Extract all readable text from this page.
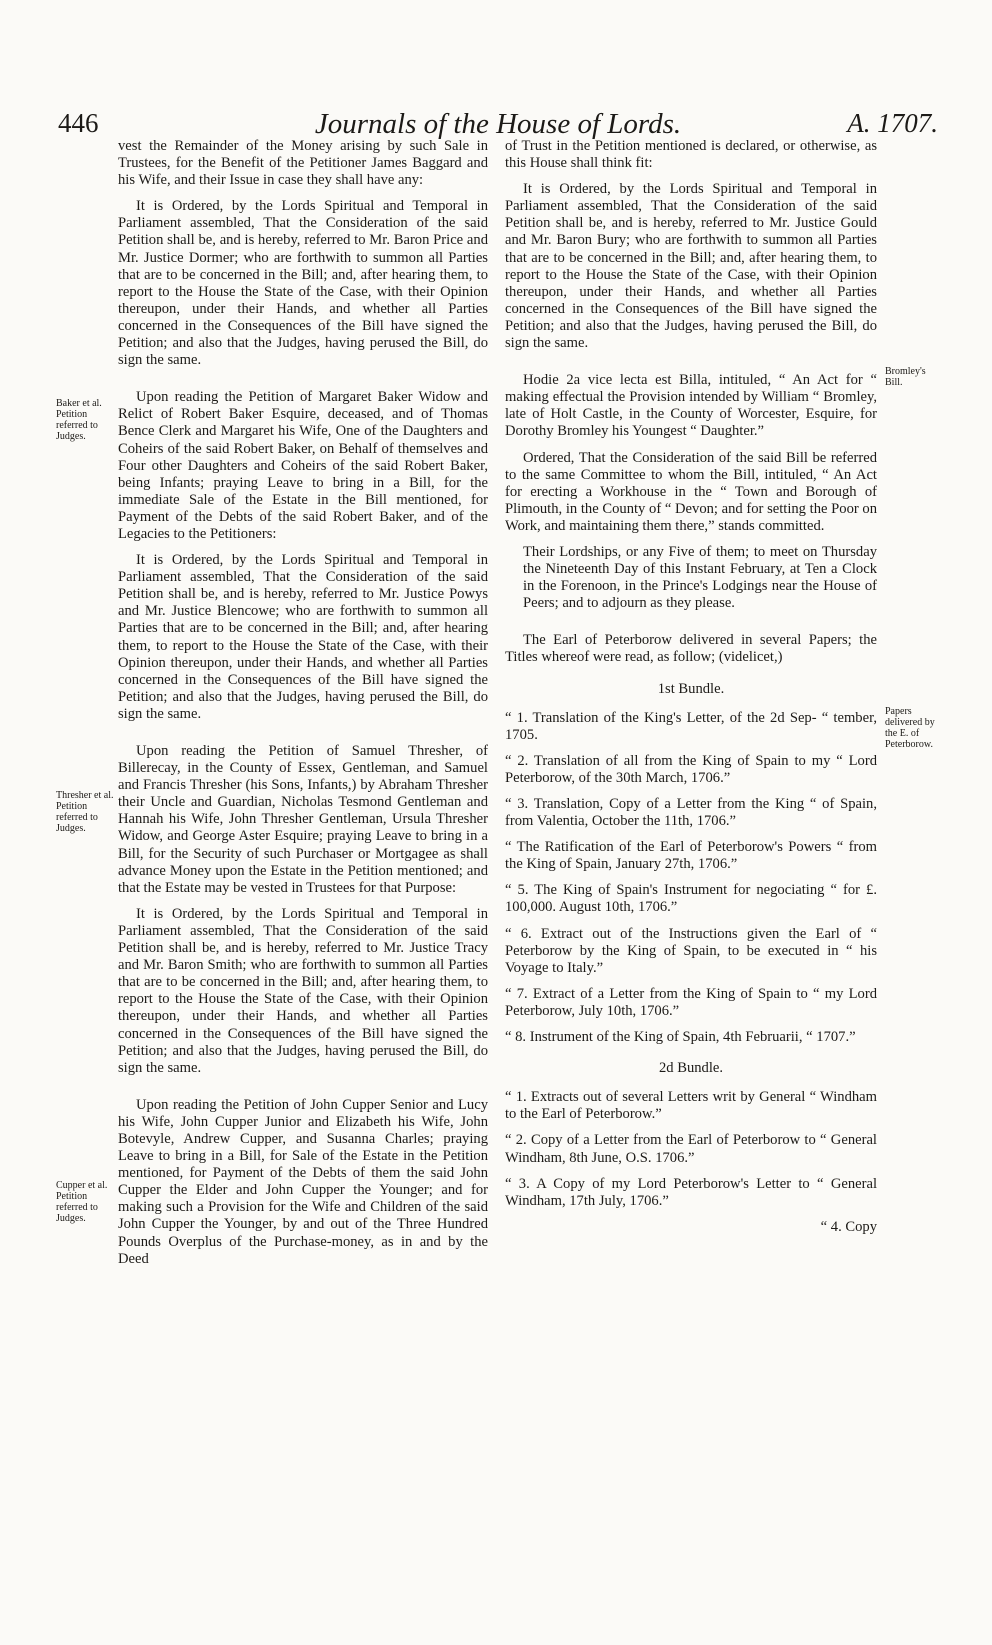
446	Journals of the House of Lords.	A. 1707.

vest the Remainder of the Money arising by such Sale in Trustees, for the Benefit of the Petitioner James Baggard and his Wife, and their Issue in case they shall have any:

It is Ordered, by the Lords Spiritual and Temporal in Parliament assembled, That the Consideration of the said Petition shall be, and is hereby, referred to Mr. Baron Price and Mr. Justice Dormer; who are forthwith to summon all Parties that are to be concerned in the Bill; and, after hearing them, to report to the House the State of the Case, with their Opinion thereupon, under their Hands, and whether all Parties concerned in the Consequences of the Bill have signed the Petition; and also that the Judges, having perused the Bill, do sign the same.

Upon reading the Petition of Margaret Baker Widow and Relict of Robert Baker Esquire, deceased, and of Thomas Bence Clerk and Margaret his Wife, One of the Daughters and Coheirs of the said Robert Baker, on Behalf of themselves and Four other Daughters and Coheirs of the said Robert Baker, being Infants; praying Leave to bring in a Bill, for the immediate Sale of the Estate in the Bill mentioned, for Payment of the Debts of the said Robert Baker, and of the Legacies to the Petitioners:

It is Ordered, by the Lords Spiritual and Temporal in Parliament assembled, That the Consideration of the said Petition shall be, and is hereby, referred to Mr. Justice Powys and Mr. Justice Blencowe; who are forthwith to summon all Parties that are to be concerned in the Bill; and, after hearing them, to report to the House the State of the Case, with their Opinion thereupon, under their Hands, and whether all Parties concerned in the Consequences of the Bill have signed the Petition; and also that the Judges, having perused the Bill, do sign the same.

Upon reading the Petition of Samuel Thresher, of Billerecay, in the County of Essex, Gentleman, and Samuel and Francis Thresher (his Sons, Infants,) by Abraham Thresher their Uncle and Guardian, Nicholas Tesmond Gentleman and Hannah his Wife, John Thresher Gentleman, Ursula Thresher Widow, and George Aster Esquire; praying Leave to bring in a Bill, for the Security of such Purchaser or Mortgagee as shall advance Money upon the Estate in the Petition mentioned; and that the Estate may be vested in Trustees for that Purpose:

It is Ordered, by the Lords Spiritual and Temporal in Parliament assembled, That the Consideration of the said Petition shall be, and is hereby, referred to Mr. Justice Tracy and Mr. Baron Smith; who are forthwith to summon all Parties that are to be concerned in the Bill; and, after hearing them, to report to the House the State of the Case, with their Opinion thereupon, under their Hands, and whether all Parties concerned in the Consequences of the Bill have signed the Petition; and also that the Judges, having perused the Bill, do sign the same.

Upon reading the Petition of John Cupper Senior and Lucy his Wife, John Cupper Junior and Elizabeth his Wife, John Botevyle, Andrew Cupper, and Susanna Charles; praying Leave to bring in a Bill, for Sale of the Estate in the Petition mentioned, for Payment of the Debts of them the said John Cupper the Elder and John Cupper the Younger; and for making such a Provision for the Wife and Children of the said John Cupper the Younger, by and out of the Three Hundred Pounds Overplus of the Purchase-money, as in and by the Deed

of Trust in the Petition mentioned is declared, or otherwise, as this House shall think fit:

It is Ordered, by the Lords Spiritual and Temporal in Parliament assembled, That the Consideration of the said Petition shall be, and is hereby, referred to Mr. Justice Gould and Mr. Baron Bury; who are forthwith to summon all Parties that are to be concerned in the Bill; and, after hearing them, to report to the House the State of the Case, with their Opinion thereupon, under their Hands, and whether all Parties concerned in the Consequences of the Bill have signed the Petition; and also that the Judges, having perused the Bill, do sign the same.

Hodie 2a vice lecta est Billa, intituled, “ An Act for “ making effectual the Provision intended by William “ Bromley, late of Holt Castle, in the County of Worcester, Esquire, for Dorothy Bromley his Youngest “ Daughter.”

Ordered, That the Consideration of the said Bill be referred to the same Committee to whom the Bill, intituled, “ An Act for erecting a Workhouse in the “ Town and Borough of Plimouth, in the County of “ Devon; and for setting the Poor on Work, and maintaining them there,” stands committed.

Their Lordships, or any Five of them; to meet on Thursday the Nineteenth Day of this Instant February, at Ten a Clock in the Forenoon, in the Prince's Lodgings near the House of Peers; and to adjourn as they please.

The Earl of Peterborow delivered in several Papers; the Titles whereof were read, as follow; (videlicet,)

1st Bundle.

“ 1. Translation of the King's Letter, of the 2d Sep- “ tember, 1705.

“ 2. Translation of all from the King of Spain to my “ Lord Peterborow, of the 30th March, 1706.”

“ 3. Translation, Copy of a Letter from the King “ of Spain, from Valentia, October the 11th, 1706.”

“ The Ratification of the Earl of Peterborow's Powers “ from the King of Spain, January 27th, 1706.”

“ 5. The King of Spain's Instrument for negociating “ for £. 100,000. August 10th, 1706.”

“ 6. Extract out of the Instructions given the Earl of “ Peterborow by the King of Spain, to be executed in “ his Voyage to Italy.”

“ 7. Extract of a Letter from the King of Spain to “ my Lord Peterborow, July 10th, 1706.”

“ 8. Instrument of the King of Spain, 4th Februarii, “ 1707.”

2d Bundle.

“ 1. Extracts out of several Letters writ by General “ Windham to the Earl of Peterborow.”

“ 2. Copy of a Letter from the Earl of Peterborow to “ General Windham, 8th June, O.S. 1706.”

“ 3. A Copy of my Lord Peterborow's Letter to “ General Windham, 17th July, 1706.”

“ 4. Copy

Baker et al. Petition referred to Judges.
Thresher et al. Petition referred to Judges.
Cupper et al. Petition referred to Judges.
Bromley's Bill.
Papers delivered by the E. of Peterborow.
